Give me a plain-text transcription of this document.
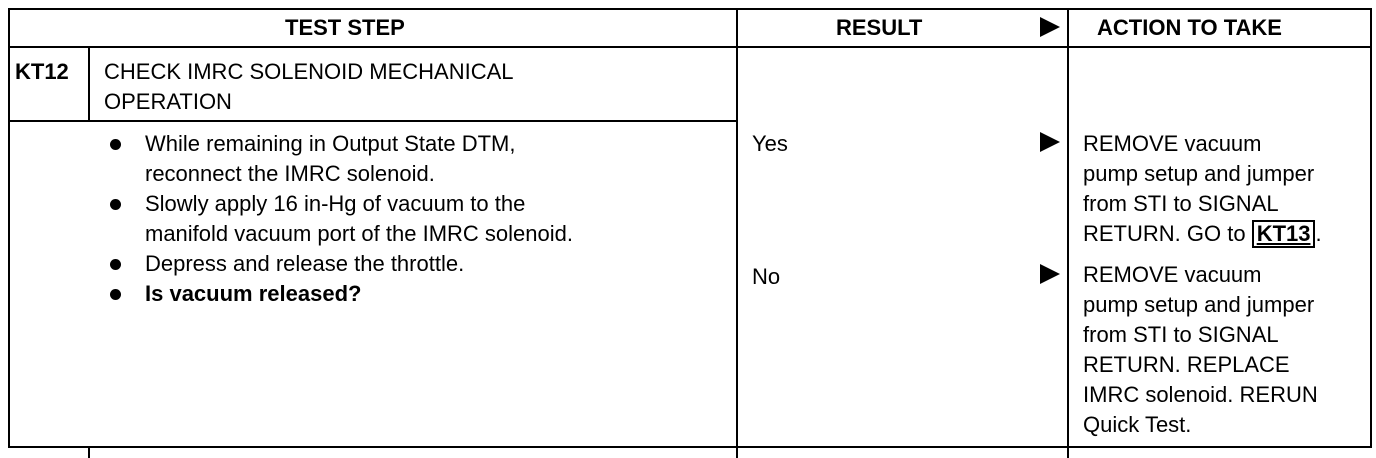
TEST STEP	RESULT	ACTION TO TAKE
KT12 CHECK IMRC SOLENOID MECHANICAL
OPERATION
While remaining in Output State DTM,
reconnect the IMRC solenoid.
Slowly apply 16 in-Hg of vacuum to the
manifold vacuum port of the IMRC solenoid.
Depress and release the throttle.
Is vacuum released?
Yes	REMOVE vacuum
pump setup and jumper
from STI to SIGNAL
RETURN. GO to KT13 .
No	REMOVE vacuum
pump setup and jumper
from STI to SIGNAL
RETURN. REPLACE
IMRC solenoid. RERUN
Quick Test.
